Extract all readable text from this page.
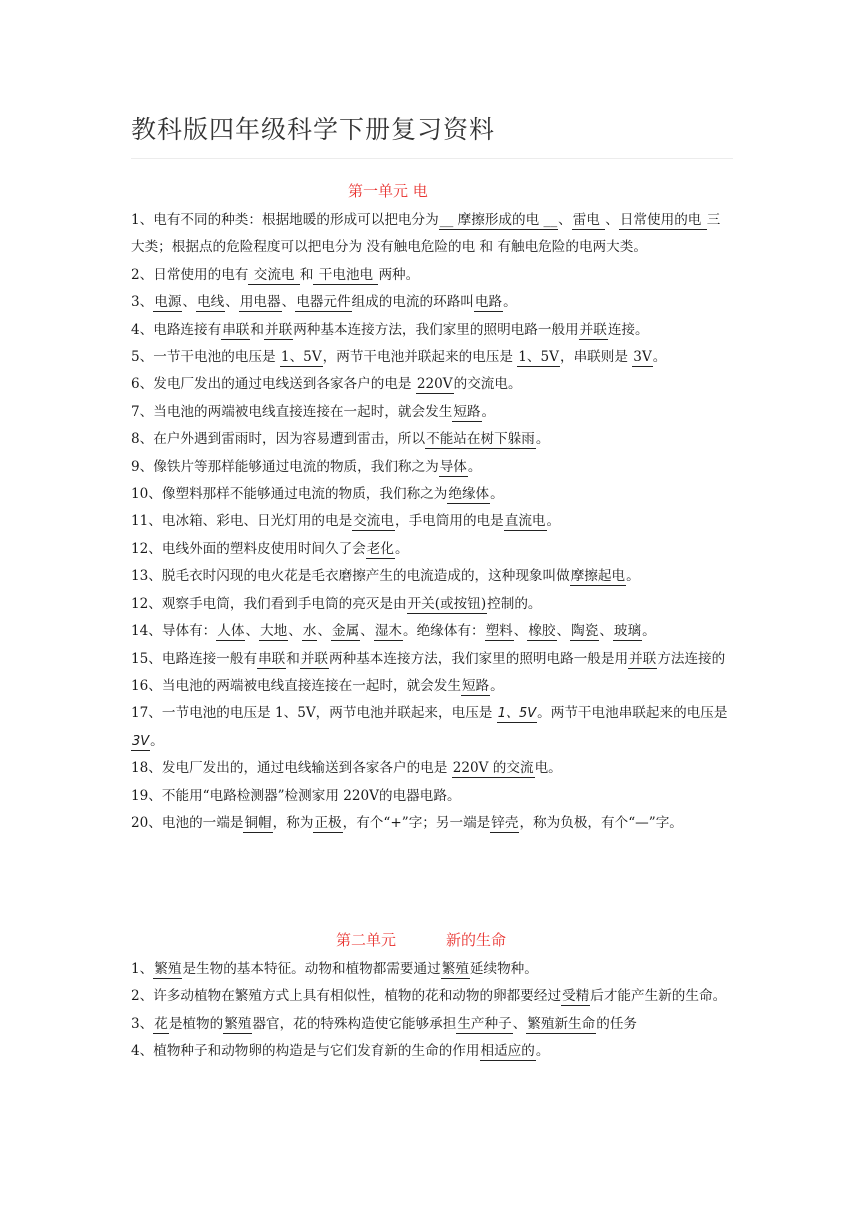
教科版四年级科学下册复习资料
第一单元 电

1、电有不同的种类：根据地暖的形成可以把电分为__ 摩擦形成的电 __、雷电 、日常使用的电 三大类；根据点的危险程度可以把电分为 没有触电危险的电 和 有触电危险的电两大类。

2、日常使用的电有 交流电 和 干电池电 两种。

3、电源、电线、用电器、电器元件组成的电流的环路叫电路。

4、电路连接有串联和并联两种基本连接方法，我们家里的照明电路一般用并联连接。

5、一节干电池的电压是 1、5V，两节干电池并联起来的电压是 1、5V，串联则是 3V。

6、发电厂发出的通过电线送到各家各户的电是 220V的交流电。

7、当电池的两端被电线直接连接在一起时，就会发生短路。

8、在户外遇到雷雨时，因为容易遭到雷击，所以不能站在树下躲雨。

9、像铁片等那样能够通过电流的物质，我们称之为导体。

10、像塑料那样不能够通过电流的物质，我们称之为绝缘体。

11、电冰箱、彩电、日光灯用的电是交流电，手电筒用的电是直流电。

12、电线外面的塑料皮使用时间久了会老化。

13、脱毛衣时闪现的电火花是毛衣磨擦产生的电流造成的，这种现象叫做摩擦起电。

12、观察手电筒，我们看到手电筒的亮灭是由开关(或按钮)控制的。

14、导体有：人体、大地、水、金属、湿木。绝缘体有：塑料、橡胶、陶瓷、玻璃。

15、电路连接一般有串联和并联两种基本连接方法，我们家里的照明电路一般是用并联方法连接的

16、当电池的两端被电线直接连接在一起时，就会发生短路。

17、一节电池的电压是 1、5V，两节电池并联起来，电压是 1、5V。两节干电池串联起来的电压是 3V。

18、发电厂发出的，通过电线输送到各家各户的电是 220V 的交流电。

19、不能用“电路检测器”检测家用 220V的电器电路。

20、电池的一端是铜帽，称为正极，有个“+”字；另一端是锌壳，称为负极，有个“—”字。

第二单元	新的生命

1、繁殖是生物的基本特征。动物和植物都需要通过繁殖延续物种。

2、许多动植物在繁殖方式上具有相似性，植物的花和动物的卵都要经过受精后才能产生新的生命。

3、花是植物的繁殖器官，花的特殊构造使它能够承担生产种子、繁殖新生命的任务

4、植物种子和动物卵的构造是与它们发育新的生命的作用相适应的。
